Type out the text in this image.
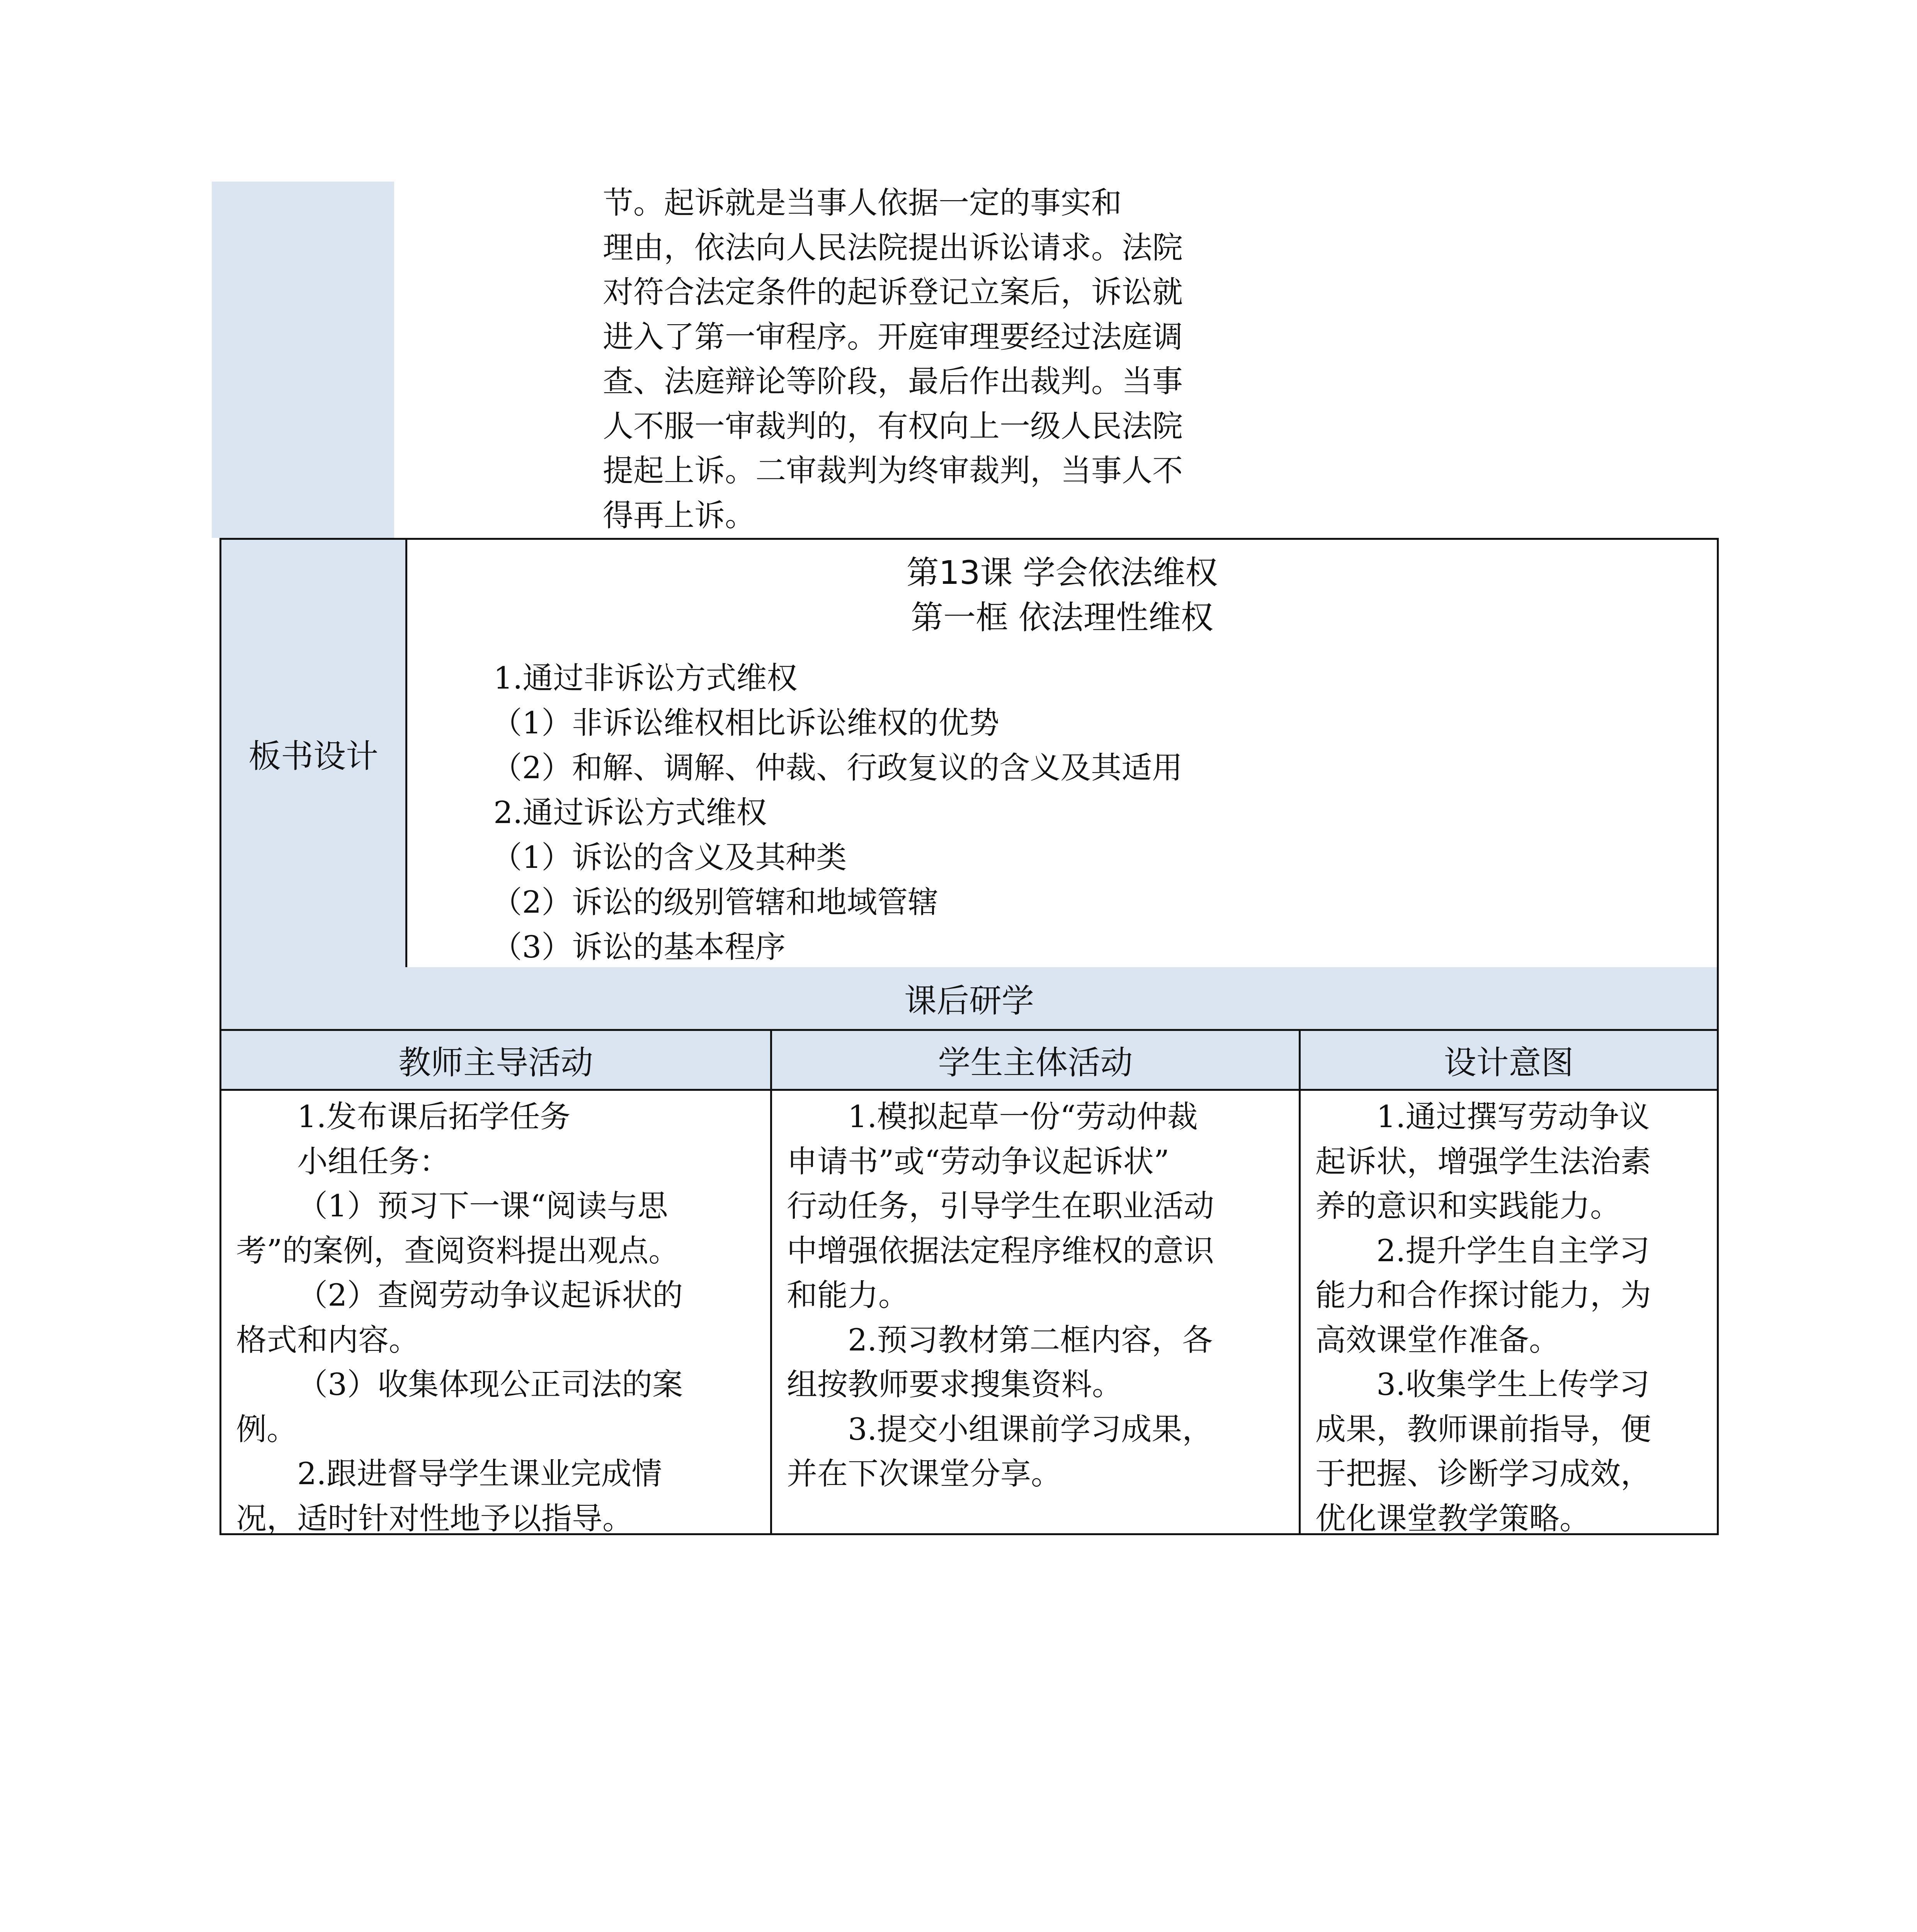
节。起诉就是当事人依据一定的事实和
理由，依法向人民法院提出诉讼请求。法院
对符合法定条件的起诉登记立案后，诉讼就
进入了第一审程序。开庭审理要经过法庭调
查、法庭辩论等阶段，最后作出裁判。当事
人不服一审裁判的，有权向上一级人民法院
提起上诉。二审裁判为终审裁判，当事人不
得再上诉。
板书设计
第13课 学会依法维权
第一框 依法理性维权
1.通过非诉讼方式维权
（1）非诉讼维权相比诉讼维权的优势
（2）和解、调解、仲裁、行政复议的含义及其适用
2.通过诉讼方式维权
（1）诉讼的含义及其种类
（2）诉讼的级别管辖和地域管辖
（3）诉讼的基本程序
课后研学
教师主导活动	学生主体活动	设计意图
1.发布课后拓学任务
小组任务：
（1）预习下一课“阅读与思
考”的案例，查阅资料提出观点。
（2）查阅劳动争议起诉状的
格式和内容。
（3）收集体现公正司法的案
例。
2.跟进督导学生课业完成情
况，适时针对性地予以指导。
1.模拟起草一份“劳动仲裁
申请书”或“劳动争议起诉状”
行动任务，引导学生在职业活动
中增强依据法定程序维权的意识
和能力。
2.预习教材第二框内容，各
组按教师要求搜集资料。
3.提交小组课前学习成果，
并在下次课堂分享。
1.通过撰写劳动争议
起诉状，增强学生法治素
养的意识和实践能力。
2.提升学生自主学习
能力和合作探讨能力，为
高效课堂作准备。
3.收集学生上传学习
成果，教师课前指导，便
于把握、诊断学习成效，
优化课堂教学策略。
